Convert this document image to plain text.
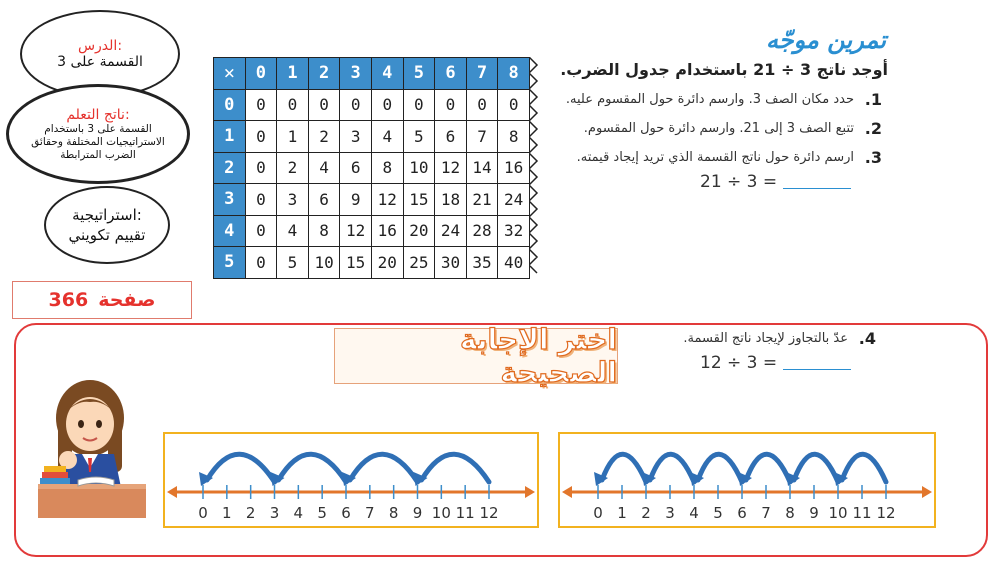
الدرس:
القسمة على 3
ناتج التعلم:
القسمة على 3 باستخدام الاستراتيجيات المختلفة وحقائق الضرب المترابطة
استراتيجية:
تقييم تكويني
366 صفحة
×	0	1	2	3	4	5	6	7	8
0	0	0	0	0	0	0	0	0	0
1	0	1	2	3	4	5	6	7	8
2	0	2	4	6	8	10	12	14	16
3	0	3	6	9	12	15	18	21	24
4	0	4	8	12	16	20	24	28	32
5	0	5	10	15	20	25	30	35	40
تمرين موجّه
أوجد ناتج 3 ÷ 21 باستخدام جدول الضرب.
1.
حدد مكان الصف 3. وارسم دائرة حول المقسوم عليه.
2.
تتبع الصف 3 إلى 21. وارسم دائرة حول المقسوم.
3.
ارسم دائرة حول ناتج القسمة الذي تريد إيجاد قيمته.
21 ÷ 3 =
اختر الإجابة الصحيحة
4.
عدّ بالتجاوز لإيجاد ناتج القسمة.
12 ÷ 3 =
0 1 2 3 4 5 6 7 8 9 10 11 12	0 1 2 3 4 5 6 7 8 9 10 11 12
